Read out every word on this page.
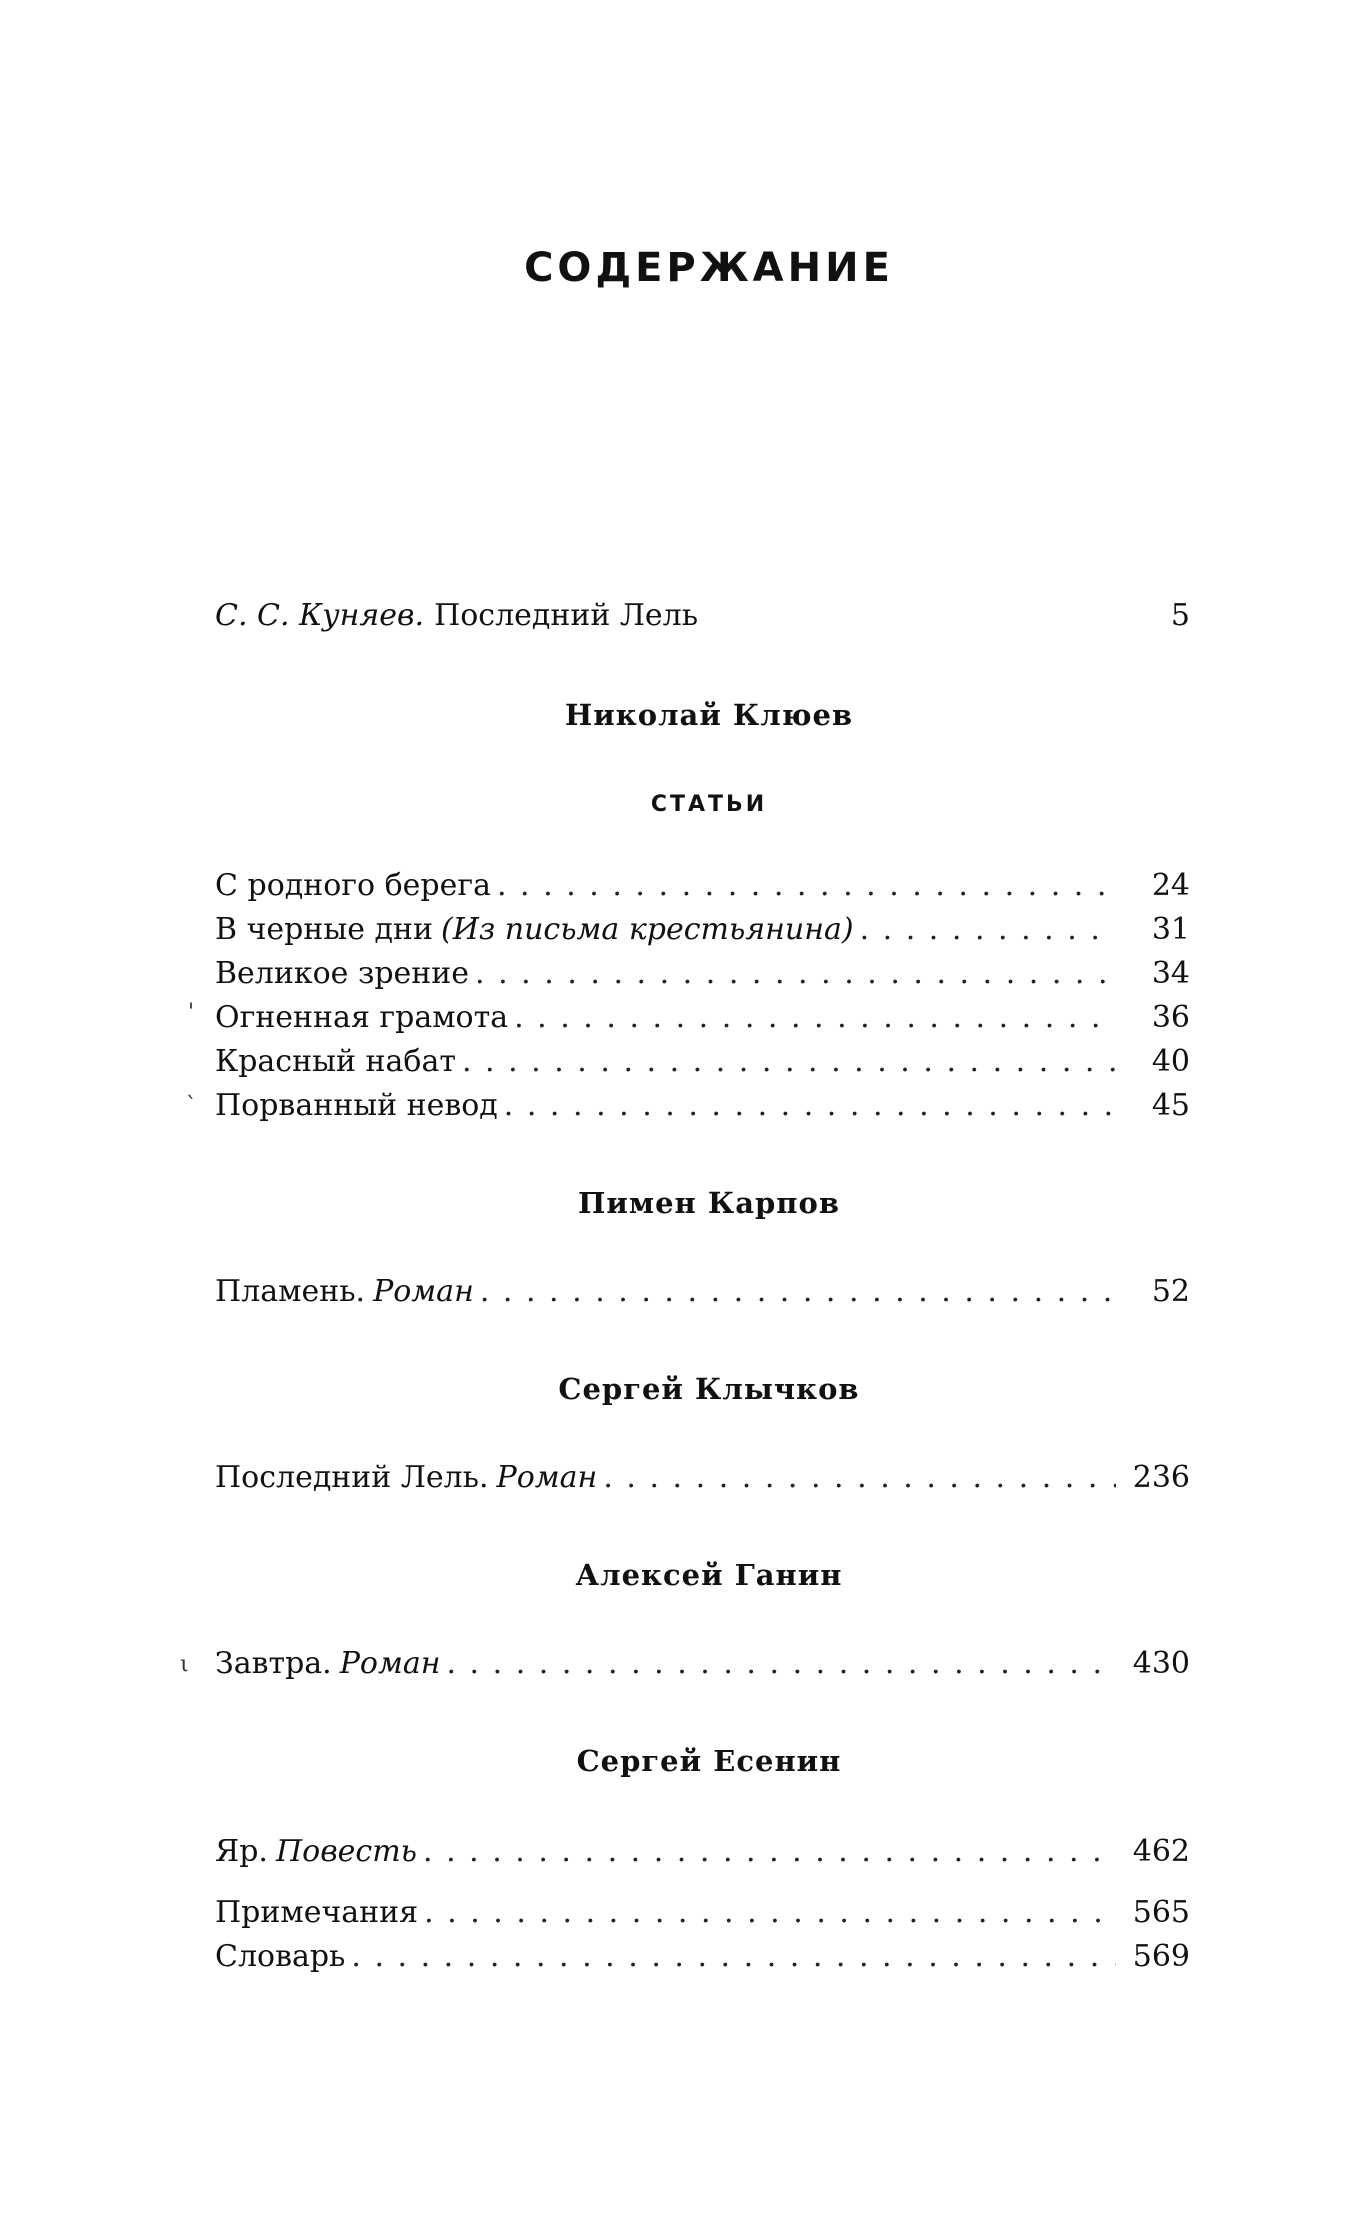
СОДЕРЖАНИЕ
С. С. Куняев. Последний Лель	5
Николай Клюев
СТАТЬИ
С родного берега . . .	24
В черные дни (Из письма крестьянина) . . .	31
Великое зрение . . .	34
Огненная грамота . . .	36
Красный набат . . .	40
Порванный невод . . .	45
Пимен Карпов
Пламень. Роман . . .	52
Сергей Клычков
Последний Лель. Роман . . .	236
Алексей Ганин
Завтра. Роман . . .	430
Сергей Есенин
Яр. Повесть . . .	462
Примечания . . .	565
Словарь . . .	569
'
`
ι
